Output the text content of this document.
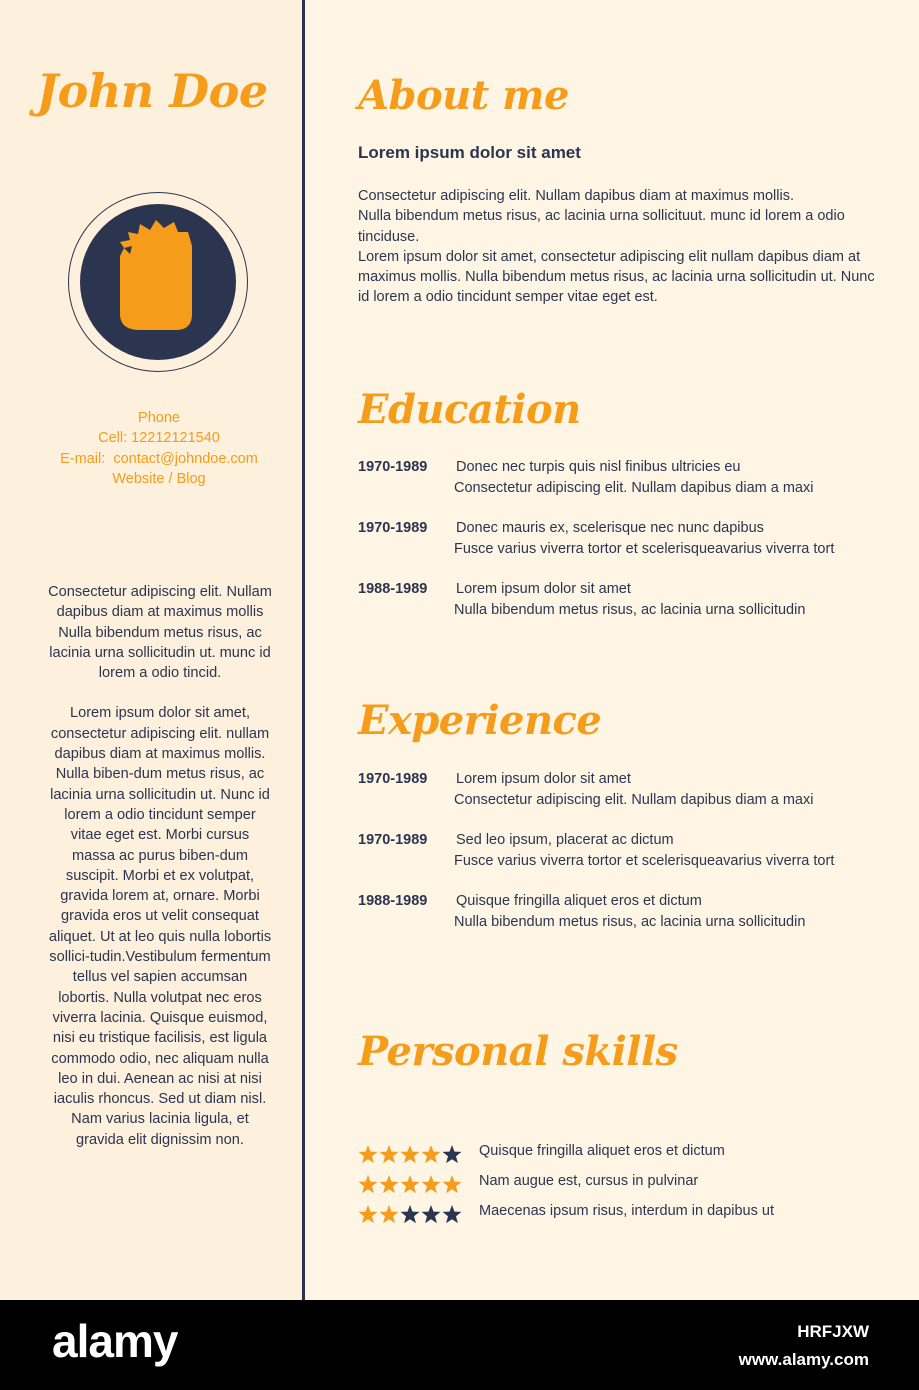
John Doe
Phone
Cell: 12212121540
E-mail:  contact@johndoe.com
Website / Blog

Consectetur adipiscing elit. Nullam dapibus diam at maximus mollis Nulla bibendum metus risus, ac lacinia urna sollicitudin ut. munc id lorem a odio tincid.

Lorem ipsum dolor sit amet, consectetur adipiscing elit. nullam dapibus diam at maximus mollis. Nulla biben-dum metus risus, ac lacinia urna sollicitudin ut. Nunc id lorem a odio tincidunt semper vitae eget est. Morbi cursus massa ac purus biben-dum suscipit. Morbi et ex volutpat, gravida lorem at, ornare. Morbi gravida eros ut velit consequat aliquet. Ut at leo quis nulla lobortis sollici-tudin.Vestibulum fermentum tellus vel sapien accumsan lobortis. Nulla volutpat nec eros viverra lacinia. Quisque euismod, nisi eu tristique facilisis, est ligula commodo odio, nec aliquam nulla leo in dui. Aenean ac nisi at nisi iaculis rhoncus. Sed ut diam nisl. Nam varius lacinia ligula, et gravida elit dignissim non.

About me
Lorem ipsum dolor sit amet

Consectetur adipiscing elit. Nullam dapibus diam at maximus mollis.

Nulla bibendum metus risus, ac lacinia urna sollicituut. munc id lorem a odio tinciduse.

Lorem ipsum dolor sit amet, consectetur adipiscing elit nullam dapibus diam at maximus mollis. Nulla bibendum metus risus, ac lacinia urna sollicitudin ut. Nunc id lorem a odio tincidunt semper vitae eget est.

Education
1970-1989 Donec nec turpis quis nisl finibus ultricies eu
Consectetur adipiscing elit. Nullam dapibus diam a maxi
1970-1989 Donec mauris ex, scelerisque nec nunc dapibus
Fusce varius viverra tortor et scelerisqueavarius viverra tort
1988-1989 Lorem ipsum dolor sit amet
Nulla bibendum metus risus, ac lacinia urna sollicitudin
Experience
1970-1989 Lorem ipsum dolor sit amet
Consectetur adipiscing elit. Nullam dapibus diam a maxi
1970-1989 Sed leo ipsum, placerat ac dictum
Fusce varius viverra tortor et scelerisqueavarius viverra tort
1988-1989 Quisque fringilla aliquet eros et dictum
Nulla bibendum metus risus, ac lacinia urna sollicitudin
Personal skills
Quisque fringilla aliquet eros et dictum
Nam augue est, cursus in pulvinar
Maecenas ipsum risus, interdum in dapibus ut
alamy	HRFJXW
www.alamy.com
